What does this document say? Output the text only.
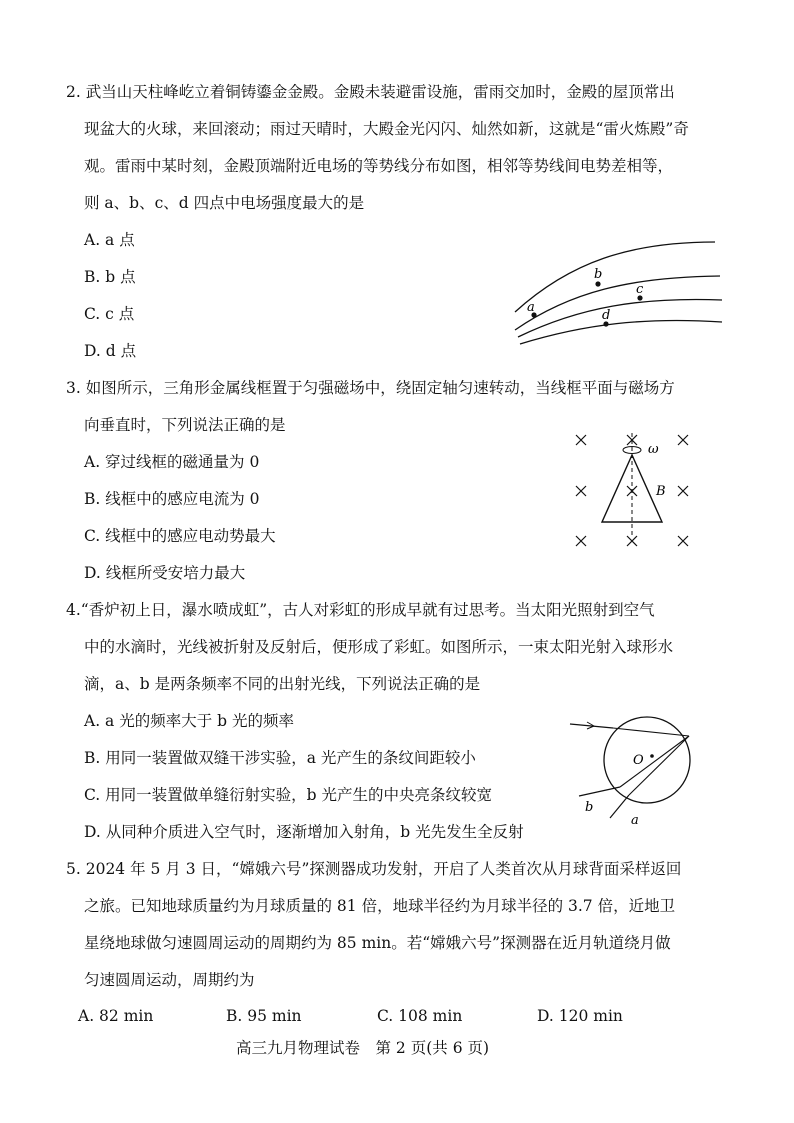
2. 武当山天柱峰屹立着铜铸鎏金金殿。金殿未装避雷设施，雷雨交加时，金殿的屋顶常出
现盆大的火球，来回滚动；雨过天晴时，大殿金光闪闪、灿然如新，这就是“雷火炼殿”奇
观。雷雨中某时刻，金殿顶端附近电场的等势线分布如图，相邻等势线间电势差相等，
则 a、b、c、d 四点中电场强度最大的是
A. a 点
B. b 点
C. c 点
D. d 点
a
b
c
d
3. 如图所示，三角形金属线框置于匀强磁场中，绕固定轴匀速转动，当线框平面与磁场方
向垂直时，下列说法正确的是
A. 穿过线框的磁通量为 0
B. 线框中的感应电流为 0
C. 线框中的感应电动势最大
D. 线框所受安培力最大
ω
B
4.“香炉初上日，瀑水喷成虹”，古人对彩虹的形成早就有过思考。当太阳光照射到空气
中的水滴时，光线被折射及反射后，便形成了彩虹。如图所示，一束太阳光射入球形水
滴，a、b 是两条频率不同的出射光线，下列说法正确的是
A. a 光的频率大于 b 光的频率
B. 用同一装置做双缝干涉实验，a 光产生的条纹间距较小
C. 用同一装置做单缝衍射实验，b 光产生的中央亮条纹较宽
D. 从同种介质进入空气时，逐渐增加入射角，b 光先发生全反射
O
a
b
5. 2024 年 5 月 3 日，“嫦娥六号”探测器成功发射，开启了人类首次从月球背面采样返回
之旅。已知地球质量约为月球质量的 81 倍，地球半径约为月球半径的 3.7 倍，近地卫
星绕地球做匀速圆周运动的周期约为 85 min。若“嫦娥六号”探测器在近月轨道绕月做
匀速圆周运动，周期约为
A. 82 min	B. 95 min	C. 108 min	D. 120 min
高三九月物理试卷　第 2 页(共 6 页)
